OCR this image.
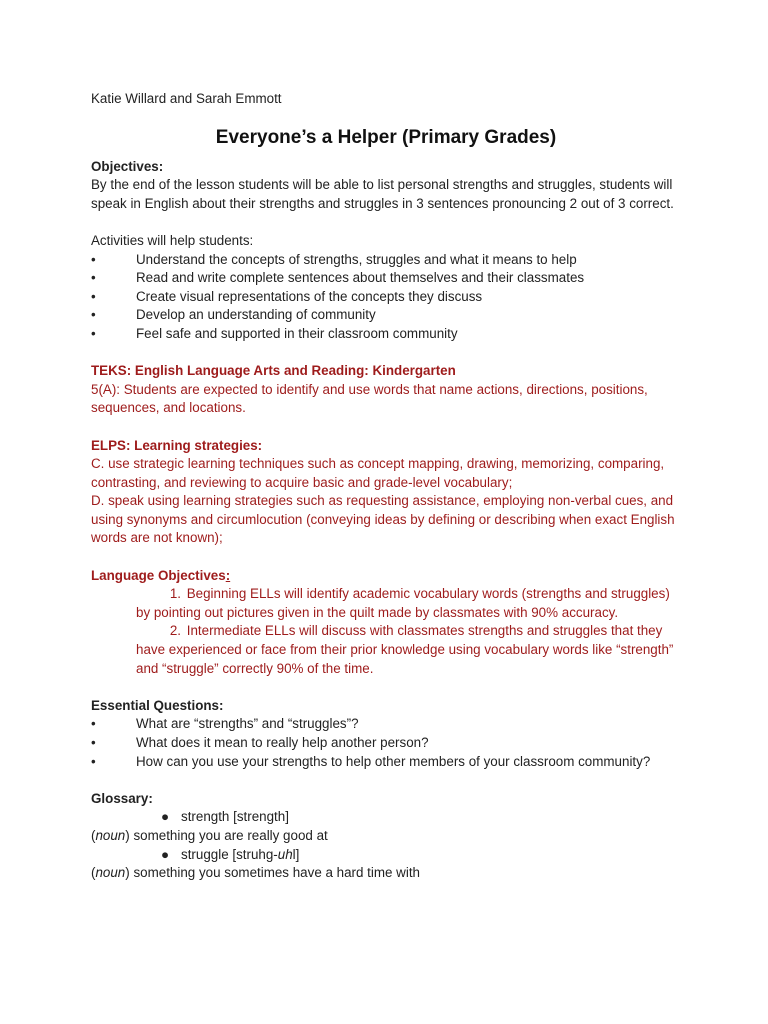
Katie Willard and Sarah Emmott

Everyone’s a Helper (Primary Grades)

Objectives:

By the end of the lesson students will be able to list personal strengths and struggles, students will speak in English about their strengths and struggles in 3 sentences pronouncing 2 out of 3 correct.

Activities will help students:

•	Understand the concepts of strengths, struggles and what it means to help
•	Read and write complete sentences about themselves and their classmates
•	Create visual representations of the concepts they discuss
•	Develop an understanding of community
•	Feel safe and supported in their classroom community

TEKS: English Language Arts and Reading: Kindergarten

5(A): Students are expected to identify and use words that name actions, directions, positions, sequences, and locations.

ELPS: Learning strategies:

C. use strategic learning techniques such as concept mapping, drawing, memorizing, comparing, contrasting, and reviewing to acquire basic and grade-level vocabulary;

D. speak using learning strategies such as requesting assistance, employing non-verbal cues, and using synonyms and circumlocution (conveying ideas by defining or describing when exact English words are not known);

Language Objectives:

1. Beginning ELLs will identify academic vocabulary words (strengths and struggles) by pointing out pictures given in the quilt made by classmates with 90% accuracy.
2. Intermediate ELLs will discuss with classmates strengths and struggles that they have experienced or face from their prior knowledge using vocabulary words like “strength” and “struggle” correctly 90% of the time.

Essential Questions:

•	What are “strengths” and “struggles”?
•	What does it mean to really help another person?
•	How can you use your strengths to help other members of your classroom community?

Glossary:

● strength [strength]

(noun) something you are really good at

● struggle [struhg-uhl]

(noun) something you sometimes have a hard time with
